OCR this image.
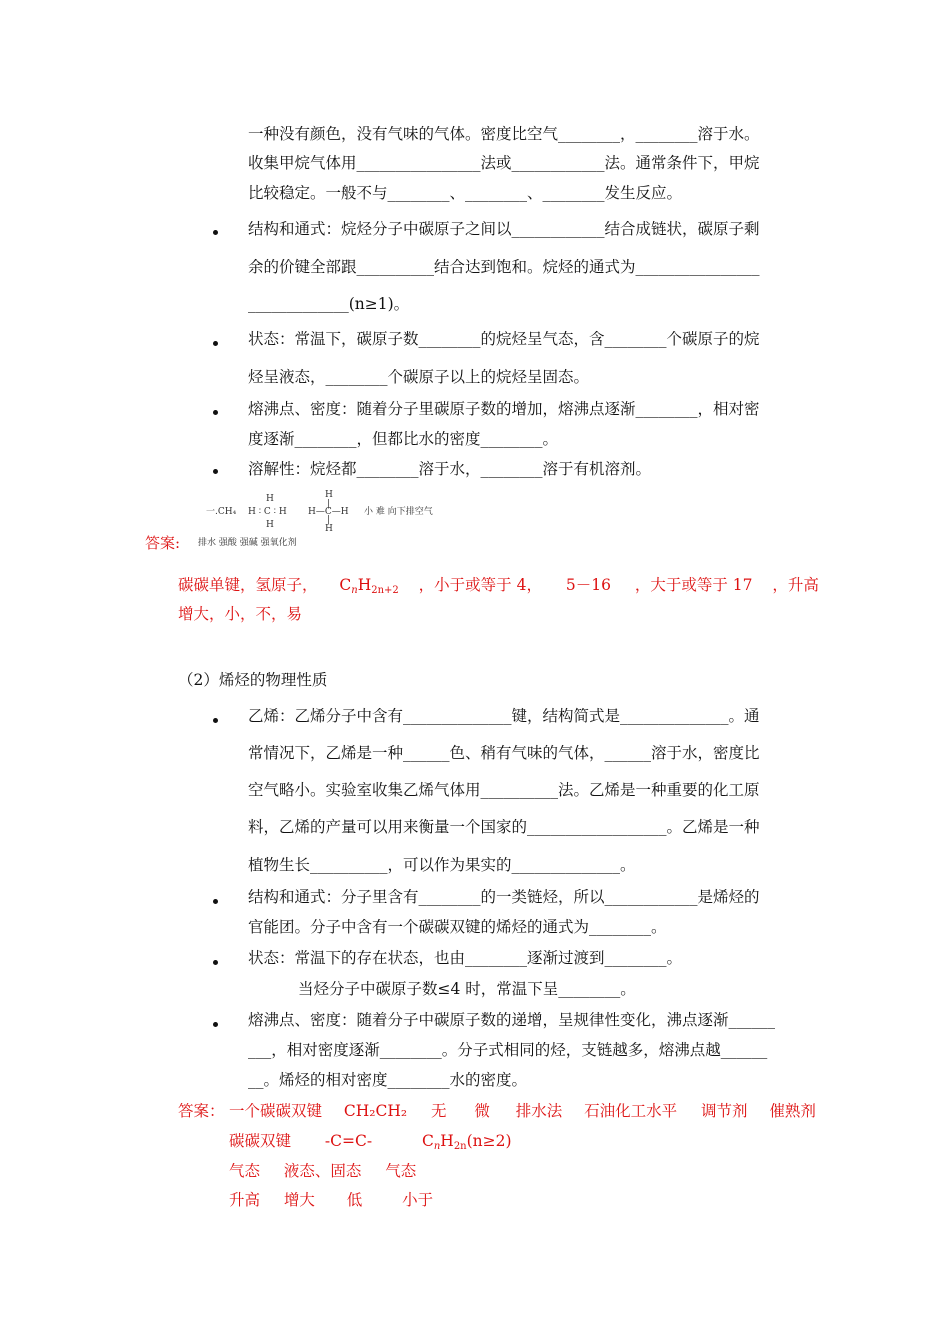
一种没有颜色，没有气味的气体。密度比空气________，________溶于水。
收集甲烷气体用________________法或____________法。通常条件下，甲烷
比较稳定。一般不与________、________、________发生反应。
结构和通式：烷烃分子中碳原子之间以____________结合成链状，碳原子剩
余的价键全部跟__________结合达到饱和。烷烃的通式为________________
_____________(n≥1)。
状态：常温下，碳原子数________的烷烃呈气态，含________个碳原子的烷
烃呈液态，________个碳原子以上的烷烃呈固态。
熔沸点、密度：随着分子里碳原子数的增加，熔沸点逐渐________，相对密
度逐渐________，但都比水的密度________。
溶解性：烷烃都________溶于水，________溶于有机溶剂。
一.CH₄
H
H ∶ C ∶ H
H
H
|
H—C—H
|
H
小 难 向下排空气
排水 强酸 强碱 强氧化剂
答案:
碳碳单键，氢原子， $C_nH_{2n+2}$ ，小于或等于 4， 5－16 ，大于或等于 17 ，升高
增大，小，不，易
（2）烯烃的物理性质
乙烯：乙烯分子中含有______________键，结构简式是______________。通
常情况下，乙烯是一种______色、稍有气味的气体，______溶于水，密度比
空气略小。实验室收集乙烯气体用__________法。乙烯是一种重要的化工原
料，乙烯的产量可以用来衡量一个国家的__________________。乙烯是一种
植物生长__________，可以作为果实的______________。
结构和通式：分子里含有________的一类链烃，所以____________是烯烃的
官能团。分子中含有一个碳碳双键的烯烃的通式为________。
状态：常温下的存在状态，也由________逐渐过渡到________。
当烃分子中碳原子数≤4 时，常温下呈________。
熔沸点、密度：随着分子中碳原子数的递增，呈规律性变化，沸点逐渐______
___，相对密度逐渐________。分子式相同的烃，支链越多，熔沸点越______
__。烯烃的相对密度________水的密度。
答案： 一个碳碳双键 CH₂CH₂ 无 微 排水法 石油化工水平 调节剂 催熟剂
碳碳双键 -C=C-	$C_nH_{2n}(n\ge 2)$
气态 液态、固态 气态
升高 增大 低	小于
